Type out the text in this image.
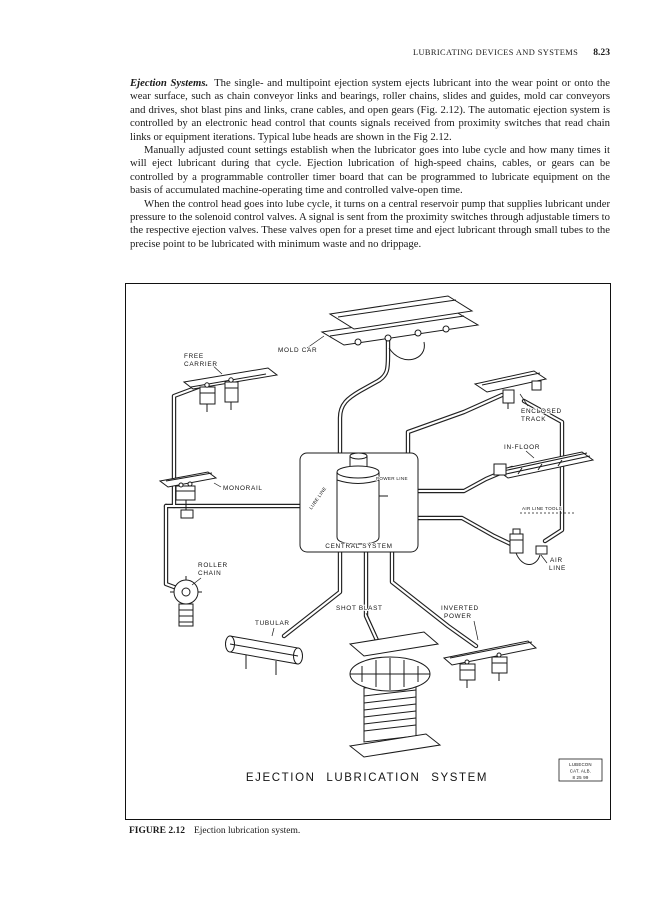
LUBRICATING DEVICES AND SYSTEMS 8.23

Ejection Systems. The single- and multipoint ejection system ejects lubricant into the wear point or onto the wear surface, such as chain conveyor links and bearings, roller chains, slides and guides, mold car conveyors and drives, shot blast pins and links, crane cables, and open gears (Fig. 2.12). The automatic ejection system is controlled by an electronic head control that counts signals received from proximity switches that read chain links or equipment iterations. Typical lube heads are shown in the Fig 2.12.

Manually adjusted count settings establish when the lubricator goes into lube cycle and how many times it will eject lubricant during that cycle. Ejection lubrication of high-speed chains, cables, or gears can be controlled by a programmable controller timer board that can be programmed to lubricate equipment on the basis of accumulated machine-operating time and controlled valve-open time.

When the control head goes into lube cycle, it turns on a central reservoir pump that supplies lubricant under pressure to the solenoid control valves. A signal is sent from the proximity switches through adjustable timers to the respective ejection valves. These valves open for a preset time and eject lubricant through small tubes to the precise point to be lubricated with minimum waste and no drippage.

FREE
CARRIER
MOLD CAR
ENCLOSED
TRACK
IN-FLOOR
MONORAIL
POWER LINE
LUBE LINE
CENTRAL SYSTEM
AIR LINE TOOLS
AIR
LINE
ROLLER
CHAIN
TUBULAR
SHOT BLAST	INVERTED
POWER
EJECTION LUBRICATION SYSTEM
LUBECON
CAT. ALB.
8 25 99

FIGURE 2.12 Ejection lubrication system.
